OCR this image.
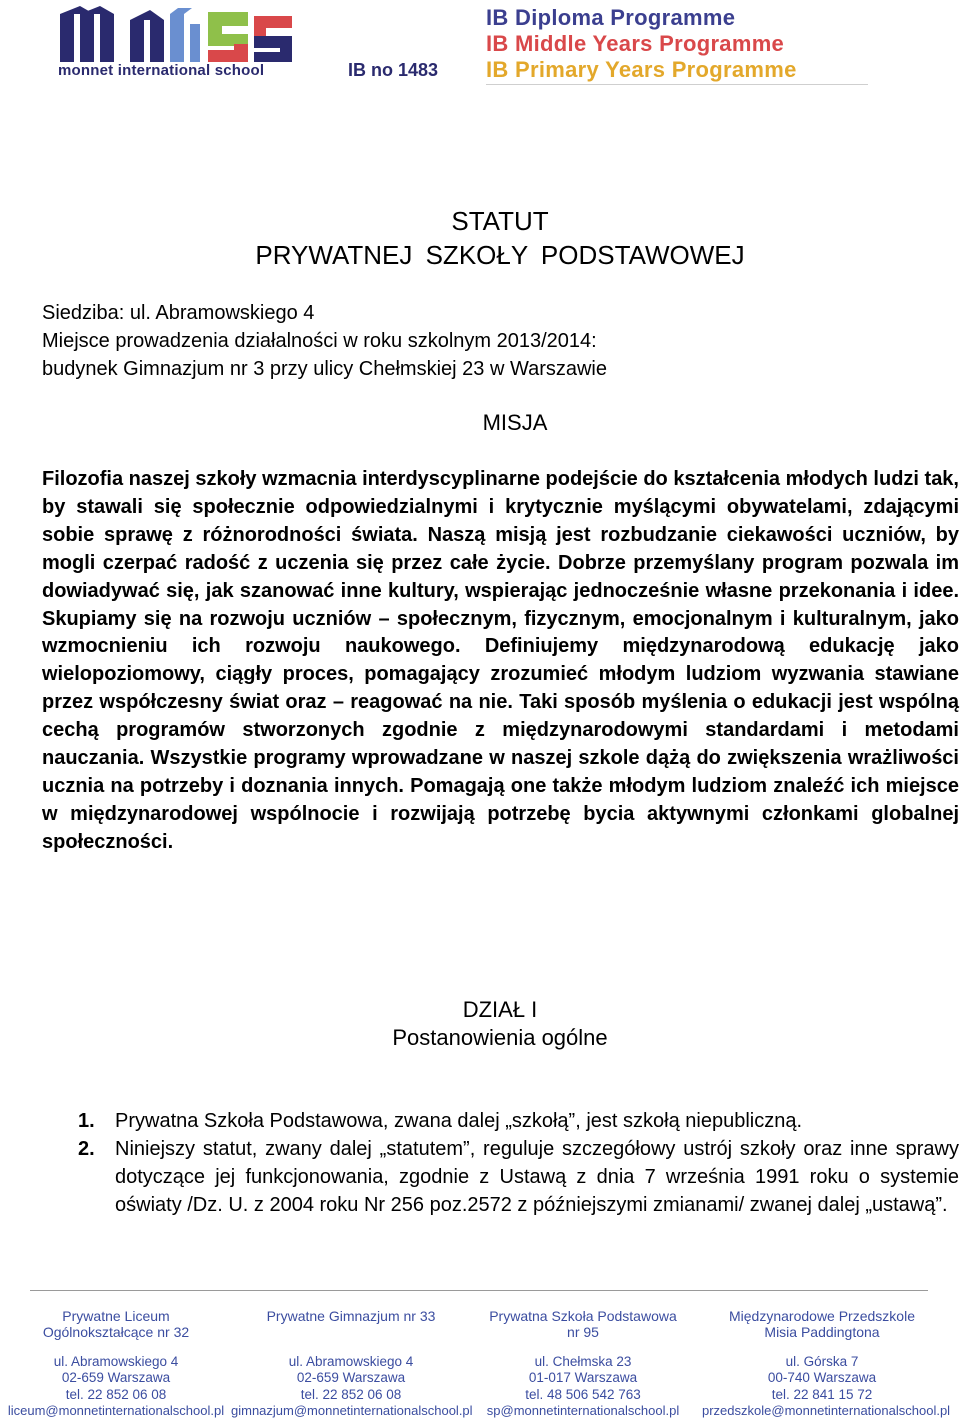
monnet international school	IB no 1483
IB Diploma Programme
IB Middle Years Programme
IB Primary Years Programme
STATUT
PRYWATNEJ SZKOŁY PODSTAWOWEJ
Siedziba: ul. Abramowskiego 4
Miejsce prowadzenia działalności w roku szkolnym 2013/2014:
budynek Gimnazjum nr 3 przy ulicy Chełmskiej 23 w Warszawie
MISJA
Filozofia naszej szkoły wzmacnia interdyscyplinarne podejście do kształcenia młodych ludzi tak, by stawali się społecznie odpowiedzialnymi i krytycznie myślącymi obywatelami, zdającymi sobie sprawę z różnorodności świata. Naszą misją jest rozbudzanie ciekawości uczniów, by mogli czerpać radość z uczenia się przez całe życie. Dobrze przemyślany program pozwala im dowiadywać się, jak szanować inne kultury, wspierając jednocześnie własne przekonania i idee. Skupiamy się na rozwoju uczniów – społecznym, fizycznym, emocjonalnym i kulturalnym, jako wzmocnieniu ich rozwoju naukowego. Definiujemy międzynarodową edukację jako wielopoziomowy, ciągły proces, pomagający zrozumieć młodym ludziom wyzwania stawiane przez współczesny świat oraz – reagować na nie. Taki sposób myślenia o edukacji jest wspólną cechą programów stworzonych zgodnie z międzynarodowymi standardami i metodami nauczania. Wszystkie programy wprowadzane w naszej szkole dążą do zwiększenia wrażliwości ucznia na potrzeby i doznania innych. Pomagają one także młodym ludziom znaleźć ich miejsce w międzynarodowej wspólnocie i rozwijają potrzebę bycia aktywnymi członkami globalnej społeczności.
DZIAŁ I
Postanowienia ogólne
1. Prywatna Szkoła Podstawowa, zwana dalej „szkołą”, jest szkołą niepubliczną.
2. Niniejszy statut, zwany dalej „statutem”, reguluje szczegółowy ustrój szkoły oraz inne sprawy dotyczące jej funkcjonowania, zgodnie z Ustawą z dnia 7 września 1991 roku o systemie oświaty /Dz. U. z 2004 roku Nr 256 poz.2572 z późniejszymi zmianami/ zwanej dalej „ustawą”.
Prywatne Liceum
Ogólnokształcące nr 32
ul. Abramowskiego 4
02-659 Warszawa
tel. 22 852 06 08
liceum@monnetinternationalschool.pl
Prywatne Gimnazjum nr 33
ul. Abramowskiego 4
02-659 Warszawa
tel. 22 852 06 08
gimnazjum@monnetinternationalschool.pl
Prywatna Szkoła Podstawowa
nr 95
ul. Chełmska 23
01-017 Warszawa
tel. 48 506 542 763
sp@monnetinternationalschool.pl
Międzynarodowe Przedszkole
Misia Paddingtona
ul. Górska 7
00-740 Warszawa
tel. 22 841 15 72
przedszkole@monnetinternationalschool.pl
